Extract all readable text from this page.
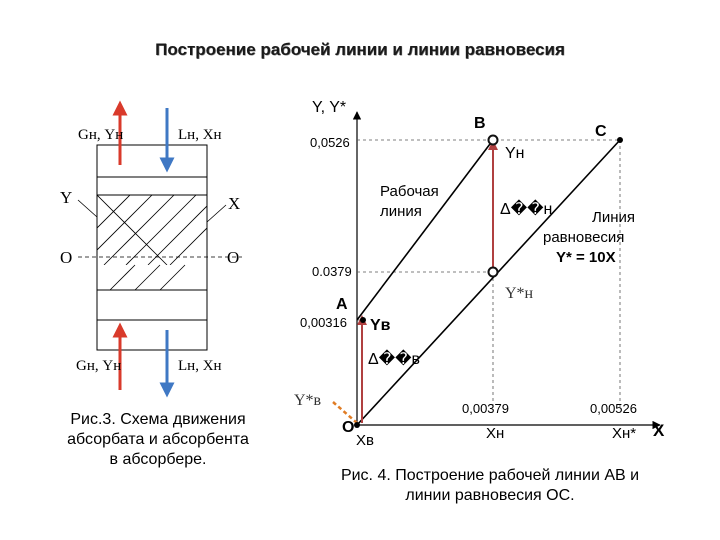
Построение рабочей линии и линии равновесия
Gн, Yн	Lн, Xн
Y	X
O	O
Gн, Yн	Lн, Xн
Y, Y*
X
O
0,0526
0.0379
0,00316
0,00379	0,00526
B	C
A
Yн
Yв
Y*н
Y*в
Xв	Xн	Xн*
Δ��н
Δ��в
Рабочая
линия	Линия
равновесия
Y* = 10X
Рис.3. Схема движения
абсорбата и абсорбента
в абсорбере.
Рис. 4. Построение рабочей линии AB и
линии равновесия OC.
